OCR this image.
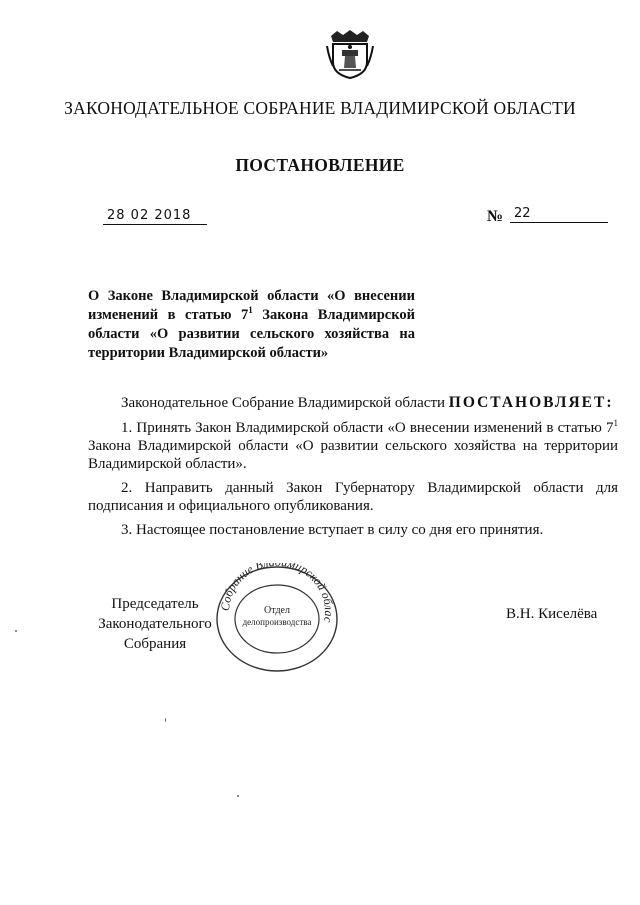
ЗАКОНОДАТЕЛЬНОЕ СОБРАНИЕ ВЛАДИМИРСКОЙ ОБЛАСТИ
ПОСТАНОВЛЕНИЕ
28 02 2018	№ 22
О Законе Владимирской области «О внесении изменений в статью $7^1$ Закона Владимирской области «О развитии сельского хозяйства на территории Владимирской области»
Законодательное Собрание Владимирской области ПОСТАНОВЛЯЕТ:
1. Принять Закон Владимирской области «О внесении изменений в статью $7^1$ Закона Владимирской области «О развитии сельского хозяйства на территории Владимирской области».
2. Направить данный Закон Губернатору Владимирской области для подписания и официального опубликования.
3. Настоящее постановление вступает в силу со дня его принятия.
Председатель
Законодательного Собрания
В.Н. Киселёва
Собрание Вл мирской облас
Отдел
делопроизводства
